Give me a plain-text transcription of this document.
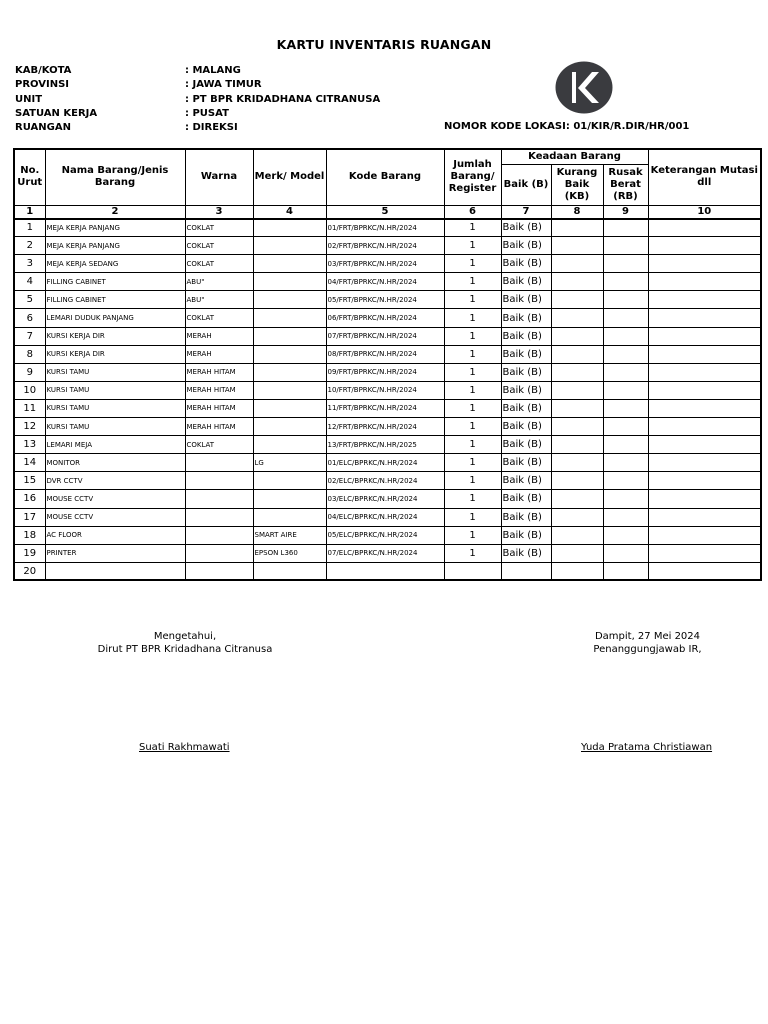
KARTU INVENTARIS RUANGAN
KAB/KOTA	: MALANG
PROVINSI	: JAWA TIMUR
UNIT	: PT BPR KRIDADHANA CITRANUSA
SATUAN KERJA	: PUSAT
RUANGAN	: DIREKSI	NOMOR KODE LOKASI: 01/KIR/R.DIR/HR/001
No. Urut	Nama Barang/Jenis Barang	Warna	Merk/ Model	Kode Barang	Jumlah Barang/ Register	Keadaan Barang			Keterangan Mutasi dll
						Baik (B)	Kurang Baik (KB)	Rusak Berat (RB)	
1	2	3	4	5	6	7	8	9	10
1	MEJA KERJA PANJANG	COKLAT		01/FRT/BPRKC/N.HR/2024	1	Baik (B)			
2	MEJA KERJA PANJANG	COKLAT		02/FRT/BPRKC/N.HR/2024	1	Baik (B)			
3	MEJA KERJA SEDANG	COKLAT		03/FRT/BPRKC/N.HR/2024	1	Baik (B)			
4	FILLING CABINET	ABU"		04/FRT/BPRKC/N.HR/2024	1	Baik (B)			
5	FILLING CABINET	ABU"		05/FRT/BPRKC/N.HR/2024	1	Baik (B)			
6	LEMARI DUDUK PANJANG	COKLAT		06/FRT/BPRKC/N.HR/2024	1	Baik (B)			
7	KURSI KERJA DIR	MERAH		07/FRT/BPRKC/N.HR/2024	1	Baik (B)			
8	KURSI KERJA DIR	MERAH		08/FRT/BPRKC/N.HR/2024	1	Baik (B)			
9	KURSI TAMU	MERAH HITAM		09/FRT/BPRKC/N.HR/2024	1	Baik (B)			
10	KURSI TAMU	MERAH HITAM		10/FRT/BPRKC/N.HR/2024	1	Baik (B)			
11	KURSI TAMU	MERAH HITAM		11/FRT/BPRKC/N.HR/2024	1	Baik (B)			
12	KURSI TAMU	MERAH HITAM		12/FRT/BPRKC/N.HR/2024	1	Baik (B)			
13	LEMARI MEJA	COKLAT		13/FRT/BPRKC/N.HR/2025	1	Baik (B)			
14	MONITOR		LG	01/ELC/BPRKC/N.HR/2024	1	Baik (B)			
15	DVR CCTV			02/ELC/BPRKC/N.HR/2024	1	Baik (B)			
16	MOUSE CCTV			03/ELC/BPRKC/N.HR/2024	1	Baik (B)			
17	MOUSE CCTV			04/ELC/BPRKC/N.HR/2024	1	Baik (B)			
18	AC FLOOR		SMART AIRE	05/ELC/BPRKC/N.HR/2024	1	Baik (B)			
19	PRINTER		EPSON L360	07/ELC/BPRKC/N.HR/2024	1	Baik (B)			
20									
Mengetahui,
Dirut PT BPR Kridadhana Citranusa
Dampit, 27 Mei 2024
Penanggungjawab IR,
Suati Rakhmawati	Yuda Pratama Christiawan
